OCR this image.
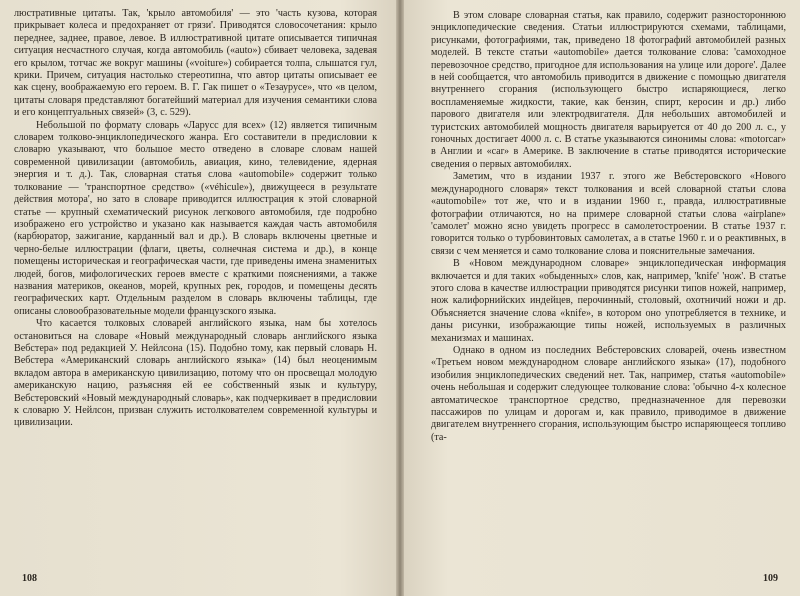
люстративные цитаты. Так, 'крыло автомобиля' — это 'часть кузова, которая прикрывает колеса и предохраняет от грязи'. Приводятся словосочетания: крыло переднее, заднее, правое, левое. В иллюстративной цитате описывается типичная ситуация несчастного случая, когда автомобиль («auto») сбивает человека, задевая его крылом, тотчас же вокруг машины («voiture») собирается толпа, слышатся гул, крики. Причем, ситуация настолько стереотипна, что автор цитаты описывает ее как сцену, воображаемую его героем. В. Г. Гак пишет о «Тезаурусе», что «в целом, цитаты словаря представляют богатейший материал для изучения семантики слова и его концептуальных связей» (3, с. 529).

Небольшой по формату словарь «Ларусс для всех» (12) является типичным словарем толково-энциклопедического жанра. Его составители в предисловии к словарю указывают, что большое место отведено в словаре словам нашей современной цивилизации (автомобиль, авиация, кино, телевидение, ядерная энергия и т. д.). Так, словарная статья слова «automobile» содержит только толкование — 'транспортное средство» («véhicule»), движущееся в результате действия мотора', но зато в словаре приводится иллюстрация к этой словарной статье — крупный схематический рисунок легкового автомобиля, где подробно изображено его устройство и указано как называется каждая часть автомобиля (карбюратор, зажигание, карданный вал и др.). В словарь включены цветные и черно-белые иллюстрации (флаги, цветы, солнечная система и др.), в конце помещены историческая и географическая части, где приведены имена знаменитых людей, богов, мифологических героев вместе с краткими пояснениями, а также названия материков, океанов, морей, крупных рек, городов, и помещены десять географических карт. Отдельным разделом в словарь включены таблицы, где описаны словообразовательные модели французского языка.

Что касается толковых словарей английского языка, нам бы хотелось остановиться на словаре «Новый международный словарь английского языка Вебстера» под редакцией У. Нейлсона (15). Подобно тому, как первый словарь Н. Вебстера «Американский словарь английского языка» (14) был неоценимым вкладом автора в американскую цивилизацию, потому что он просвещал молодую американскую нацию, разъясняя ей ее собственный язык и культуру, Вебстеровский «Новый международный словарь», как подчеркивает в предисловии к словарю У. Нейлсон, призван служить истолкователем современной культуры и цивилизации.

108

В этом словаре словарная статья, как правило, содержит разностороннюю энциклопедические сведения. Статьи иллюстрируются схемами, таблицами, рисунками, фотографиями, так, приведено 18 фотографий автомобилей разных моделей. В тексте статьи «automobile» дается толкование слова: 'самоходное перевозочное средство, пригодное для использования на улице или дороге'. Далее в ней сообщается, что автомобиль приводится в движение с помощью двигателя внутреннего сгорания (использующего быстро испаряющиеся, легко воспламеняемые жидкости, такие, как бензин, спирт, керосин и др.) либо парового двигателя или электродвигателя. Для небольших автомобилей и туристских автомобилей мощность двигателя варьируется от 40 до 200 л. с., у гоночных достигает 4000 л. с. В статье указываются синонимы слова: «motorcar» в Англии и «car» в Америке. В заключение в статье приводятся исторические сведения о первых автомобилях.

Заметим, что в издании 1937 г. этого же Вебстеровского «Нового международного словаря» текст толкования и всей словарной статьи слова «automobile» тот же, что и в издании 1960 г., правда, иллюстративные фотографии отличаются, но на примере словарной статьи слова «airplane» 'самолет' можно ясно увидеть прогресс в самолетостроении. В статье 1937 г. говорится только о турбовинтовых самолетах, а в статье 1960 г. и о реактивных, в связи с чем меняется и само толкование слова и пояснительные замечания.

В «Новом международном словаре» энциклопедическая информация включается и для таких «обыденных» слов, как, например, 'knife' 'нож'. В статье этого слова в качестве иллюстрации приводятся рисунки типов ножей, например, нож калифорнийских индейцев, перочинный, столовый, охотничий ножи и др. Объясняется значение слова «knife», в котором оно употребляется в технике, и даны рисунки, изображающие типы ножей, используемых в различных механизмах и машинах.

Однако в одном из последних Вебстеровских словарей, очень известном «Третьем новом международном словаре английского языка» (17), подобного изобилия энциклопедических сведений нет. Так, например, статья «automobile» очень небольшая и содержит следующее толкование слова: 'обычно 4-х колесное автоматическое транспортное средство, предназначенное для перевозки пассажиров по улицам и дорогам и, как правило, приводимое в движение двигателем внутреннего сгорания, использующим быстро испаряющееся топливо (та-

109
